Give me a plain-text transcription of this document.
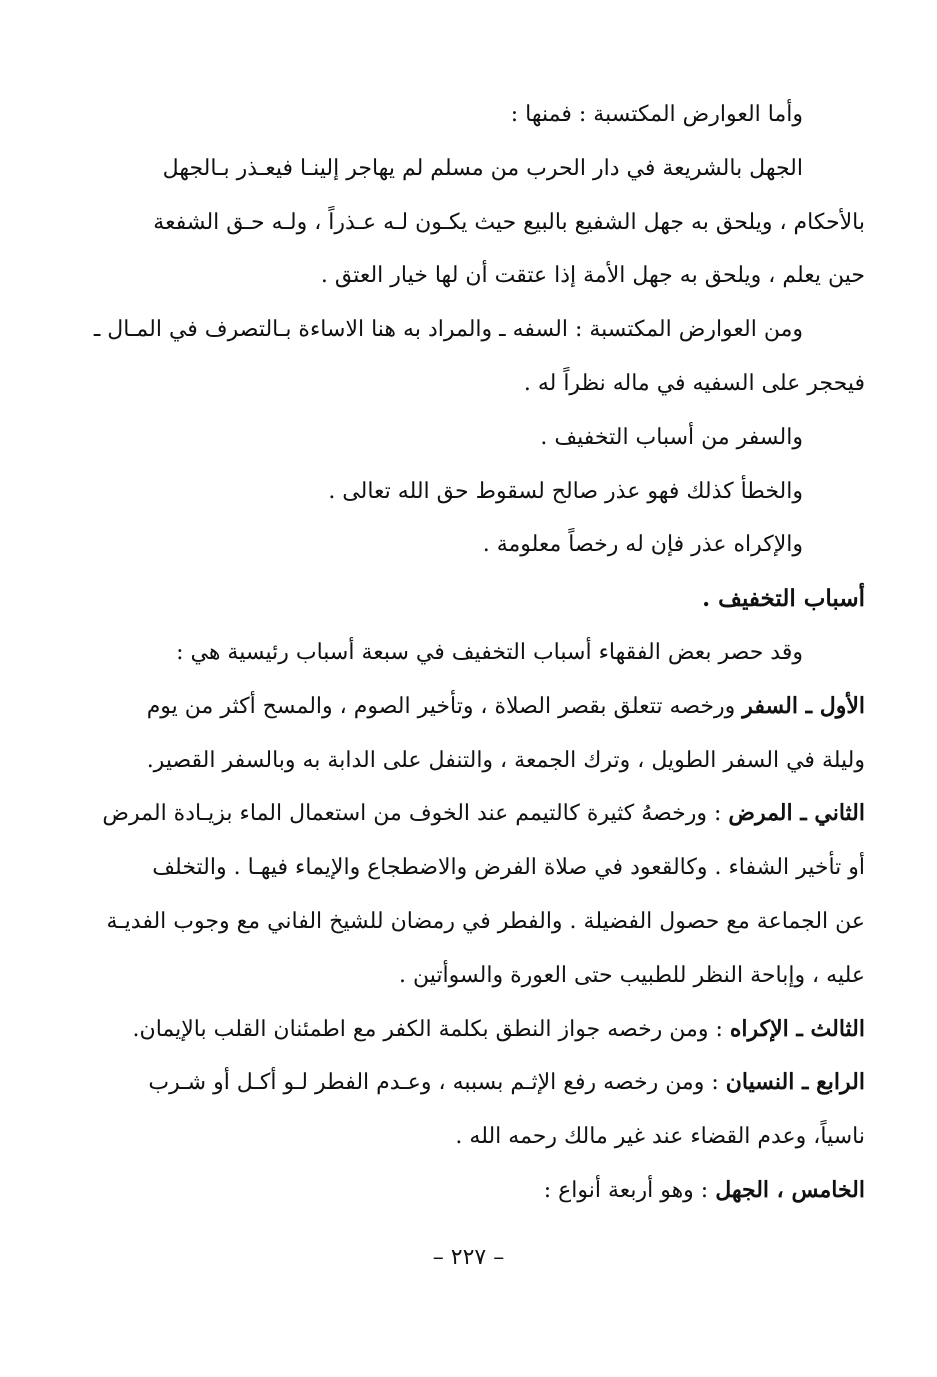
وأما العوارض المكتسبة : فمنها :
الجهل بالشريعة في دار الحرب من مسلم لم يهاجر إلينـا فيعـذر بـالجهل
بالأحكام ، ويلحق به جهل الشفيع بالبيع حيث يكـون لـه عـذراً ، ولـه حـق الشفعة
حين يعلم ، ويلحق به جهل الأمة إذا عتقت أن لها خيار العتق .
ومن العوارض المكتسبة : السفه ـ والمراد به هنا الاساءة بـالتصرف في المـال ـ
فيحجر على السفيه في ماله نظراً له .
والسفر من أسباب التخفيف .
والخطأ كذلك فهو عذر صالح لسقوط حق الله تعالى .
والإكراه عذر فإن له رخصاً معلومة .
أسباب التخفيف .
وقد حصر بعض الفقهاء أسباب التخفيف في سبعة أسباب رئيسية هي :
الأول ـ السفر ورخصه تتعلق بقصر الصلاة ، وتأخير الصوم ، والمسح أكثر من يوم
وليلة في السفر الطويل ، وترك الجمعة ، والتنفل على الدابة به وبالسفر القصير.
الثاني ـ المرض : ورخصهُ كثيرة كالتيمم عند الخوف من استعمال الماء بزيـادة المرض
أو تأخير الشفاء . وكالقعود في صلاة الفرض والاضطجاع والإيماء فيهـا . والتخلف
عن الجماعة مع حصول الفضيلة . والفطر في رمضان للشيخ الفاني مع وجوب الفديـة
عليه ، وإباحة النظر للطبيب حتى العورة والسوأتين .
الثالث ـ الإكراه : ومن رخصه جواز النطق بكلمة الكفر مع اطمئنان القلب بالإيمان.
الرابع ـ النسيان : ومن رخصه رفع الإثـم بسببه ، وعـدم الفطر لـو أكـل أو شـرب
ناسياً، وعدم القضاء عند غير مالك رحمه الله .
الخامس ، الجهل : وهو أربعة أنواع :
– ٢٢٧ –
